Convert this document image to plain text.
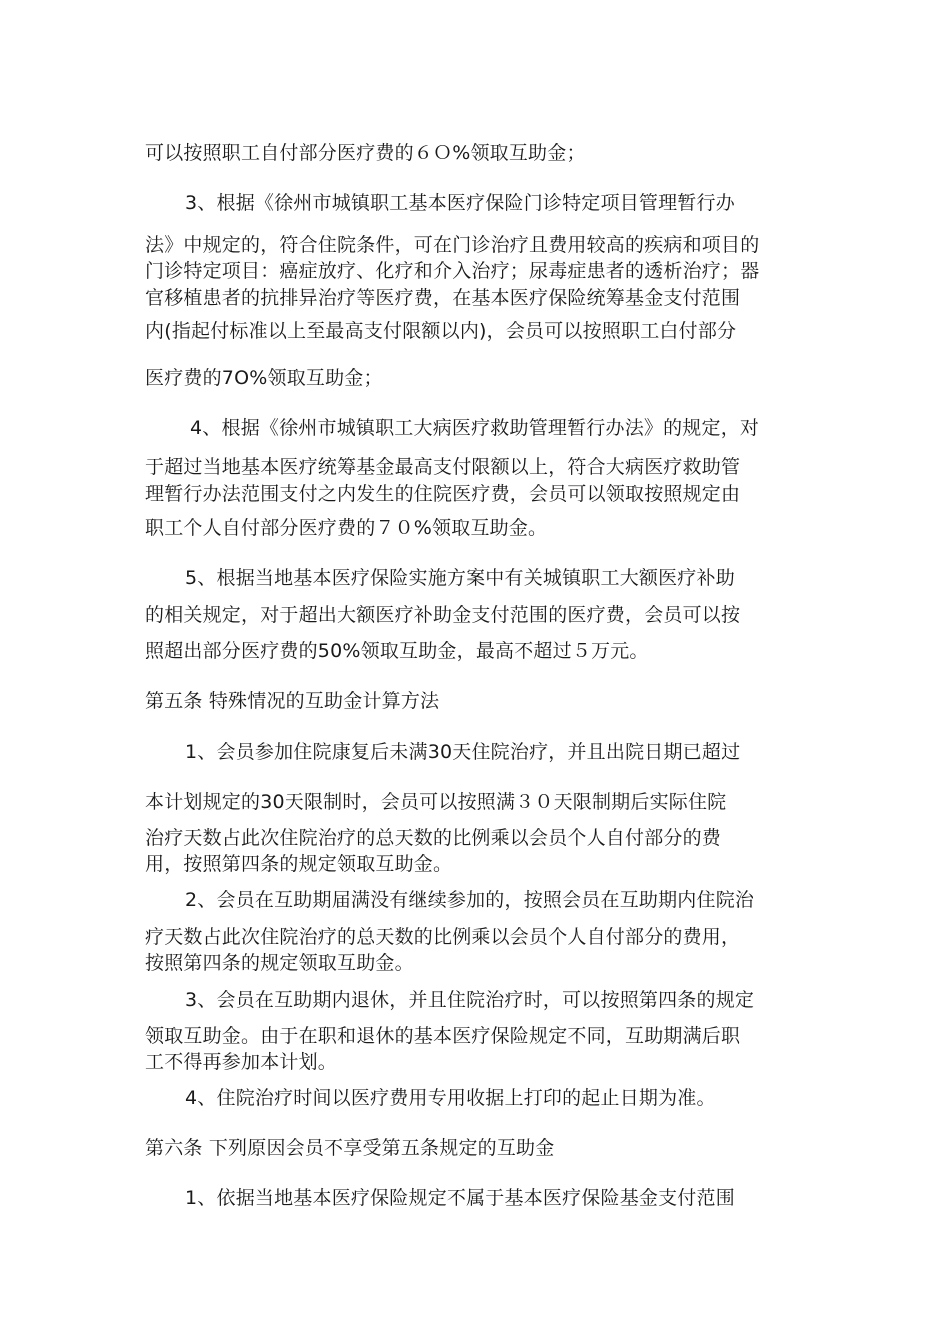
可以按照职工自付部分医疗费的６Ｏ%领取互助金；
3、根据《徐州市城镇职工基本医疗保险门诊特定项目管理暂行办
法》中规定的，符合住院条件，可在门诊治疗且费用较高的疾病和项目的
门诊特定项目：癌症放疗、化疗和介入治疗；尿毒症患者的透析治疗；器
官移植患者的抗排异治疗等医疗费，在基本医疗保险统筹基金支付范围
内(指起付标准以上至最高支付限额以内)，会员可以按照职工白付部分
医疗费的7O%领取互助金；
4、根据《徐州市城镇职工大病医疗救助管理暂行办法》的规定，对
于超过当地基本医疗统筹基金最高支付限额以上，符合大病医疗救助管
理暂行办法范围支付之内发生的住院医疗费，会员可以领取按照规定由
职工个人自付部分医疗费的７０%领取互助金。
5、根据当地基本医疗保险实施方案中有关城镇职工大额医疗补助
的相关规定，对于超出大额医疗补助金支付范围的医疗费，会员可以按
照超出部分医疗费的50%领取互助金，最高不超过５万元。
第五条 特殊情况的互助金计算方法
1、会员参加住院康复后未满30天住院治疗，并且出院日期已超过
本计划规定的30天限制时，会员可以按照满３０天限制期后实际住院
治疗天数占此次住院治疗的总天数的比例乘以会员个人自付部分的费
用，按照第四条的规定领取互助金。
2、会员在互助期届满没有继续参加的，按照会员在互助期内住院治
疗天数占此次住院治疗的总天数的比例乘以会员个人自付部分的费用，
按照第四条的规定领取互助金。
3、会员在互助期内退休，并且住院治疗时，可以按照第四条的规定
领取互助金。由于在职和退休的基本医疗保险规定不同，互助期满后职
工不得再参加本计划。
4、住院治疗时间以医疗费用专用收据上打印的起止日期为准。
第六条 下列原因会员不享受第五条规定的互助金
1、依据当地基本医疗保险规定不属于基本医疗保险基金支付范围
